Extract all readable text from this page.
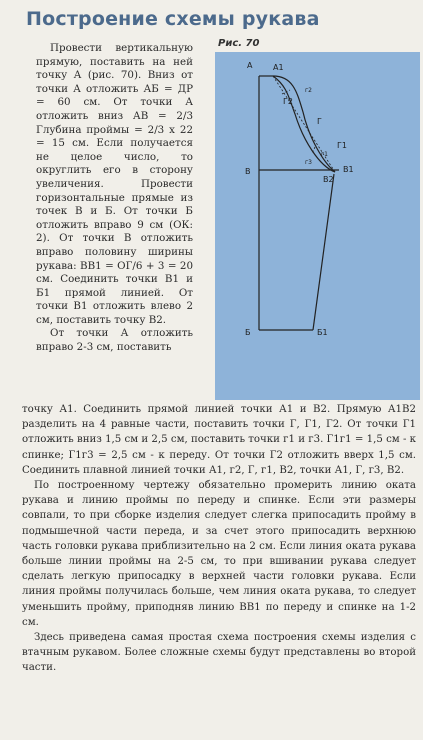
Построение схемы рукава

Провести вертикальную прямую, поставить на ней точку А (рис. 70). Вниз от точки А отложить АБ = ДР = 60 см. От точки А отложить вниз АВ = 2/3 Глубина проймы = 2/3 х 22 = 15 см. Если получается не целое число, то округлить его в сторону увеличения. Провести горизонтальные прямые из точек В и Б. От точки Б отложить вправо 9 см (ОК: 2). От точки В отложить вправо половину ширины рукава: ВВ1 = ОГ/6 + 3 = 20 см. Соединить точки В1 и Б1 прямой линией. От точки В1 отложить влево 2 см, поставить точку В2.

От точки А отложить вправо 2-3 см, поставить

Рис. 70
А	А1
Г2
г2
Г
Г1
г1
г3
В	В1
В2
Б	Б1

точку А1. Соединить прямой линией точки А1 и В2. Прямую А1В2 разделить на 4 равные части, поставить точки Г, Г1, Г2. От точки Г1 отложить вниз 1,5 см и 2,5 см, поставить точки г1 и г3. Г1г1 = 1,5 см - к спинке; Г1г3 = 2,5 см - к переду. От точки Г2 отложить вверх 1,5 см. Соединить плавной линией точки А1, г2, Г, г1, В2, точки А1, Г, г3, В2.

По построенному чертежу обязательно промерить линию оката рукава и линию проймы по переду и спинке. Если эти размеры совпали, то при сборке изделия следует слегка припосадить пройму в подмышечной части переда, и за счет этого припосадить верхнюю часть головки рукава приблизительно на 2 см. Если линия оката рукава больше линии проймы на 2-5 см, то при вшивании рукава следует сделать легкую припосадку в верхней части головки рукава. Если линия проймы получилась больше, чем линия оката рукава, то следует уменьшить пройму, приподняв линию ВВ1 по переду и спинке на 1-2 см.

Здесь приведена самая простая схема построения схемы изделия с втачным рукавом. Более сложные схемы будут представлены во второй части.
